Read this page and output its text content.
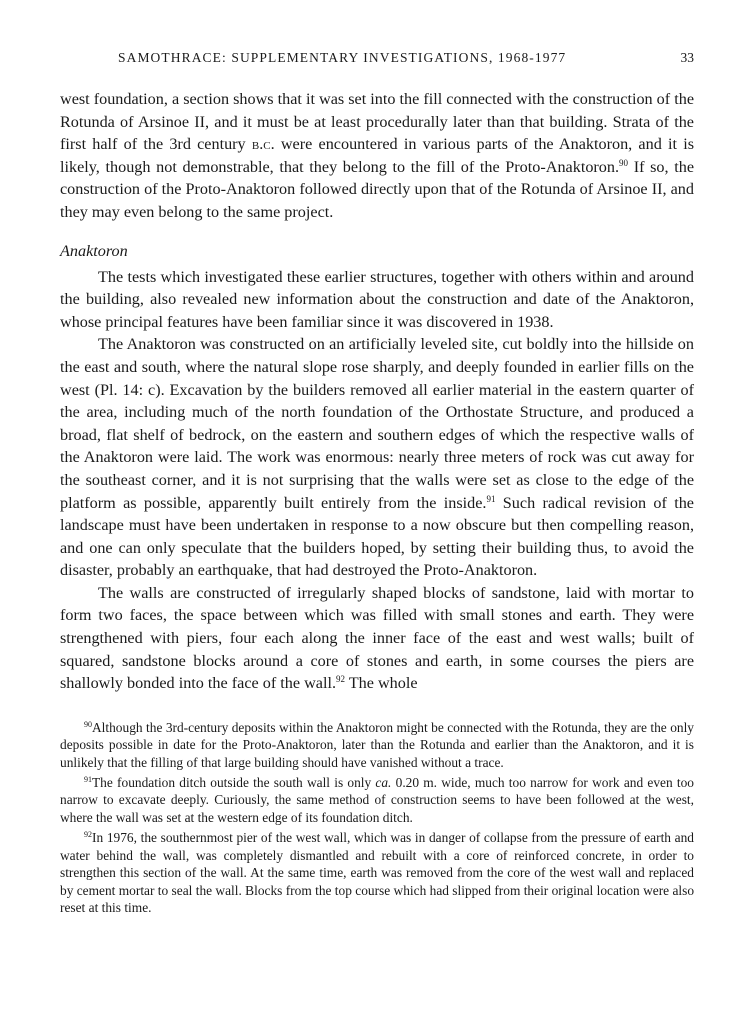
SAMOTHRACE: SUPPLEMENTARY INVESTIGATIONS, 1968-1977	33

west foundation, a section shows that it was set into the fill connected with the construction of the Rotunda of Arsinoe II, and it must be at least procedurally later than that building. Strata of the first half of the 3rd century b.c. were encountered in various parts of the Anaktoron, and it is likely, though not demonstrable, that they belong to the fill of the Proto-Anaktoron.$^{90}$ If so, the construction of the Proto-Anaktoron followed directly upon that of the Rotunda of Arsinoe II, and they may even belong to the same project.

Anaktoron

The tests which investigated these earlier structures, together with others within and around the building, also revealed new information about the construction and date of the Anaktoron, whose principal features have been familiar since it was discovered in 1938.

The Anaktoron was constructed on an artificially leveled site, cut boldly into the hillside on the east and south, where the natural slope rose sharply, and deeply founded in earlier fills on the west (Pl. 14: c). Excavation by the builders removed all earlier material in the eastern quarter of the area, including much of the north foundation of the Orthostate Structure, and produced a broad, flat shelf of bedrock, on the eastern and southern edges of which the respective walls of the Anaktoron were laid. The work was enormous: nearly three meters of rock was cut away for the southeast corner, and it is not surprising that the walls were set as close to the edge of the platform as possible, apparently built entirely from the inside.$^{91}$ Such radical revision of the landscape must have been undertaken in response to a now obscure but then compelling reason, and one can only speculate that the builders hoped, by setting their building thus, to avoid the disaster, probably an earthquake, that had destroyed the Proto-Anaktoron.

The walls are constructed of irregularly shaped blocks of sandstone, laid with mortar to form two faces, the space between which was filled with small stones and earth. They were strengthened with piers, four each along the inner face of the east and west walls; built of squared, sandstone blocks around a core of stones and earth, in some courses the piers are shallowly bonded into the face of the wall.$^{92}$ The whole

$^{90}$Although the 3rd-century deposits within the Anaktoron might be connected with the Rotunda, they are the only deposits possible in date for the Proto-Anaktoron, later than the Rotunda and earlier than the Anaktoron, and it is unlikely that the filling of that large building should have vanished without a trace.

$^{91}$The foundation ditch outside the south wall is only ca. 0.20 m. wide, much too narrow for work and even too narrow to excavate deeply. Curiously, the same method of construction seems to have been followed at the west, where the wall was set at the western edge of its foundation ditch.

$^{92}$In 1976, the southernmost pier of the west wall, which was in danger of collapse from the pressure of earth and water behind the wall, was completely dismantled and rebuilt with a core of reinforced concrete, in order to strengthen this section of the wall. At the same time, earth was removed from the core of the west wall and replaced by cement mortar to seal the wall. Blocks from the top course which had slipped from their original location were also reset at this time.
